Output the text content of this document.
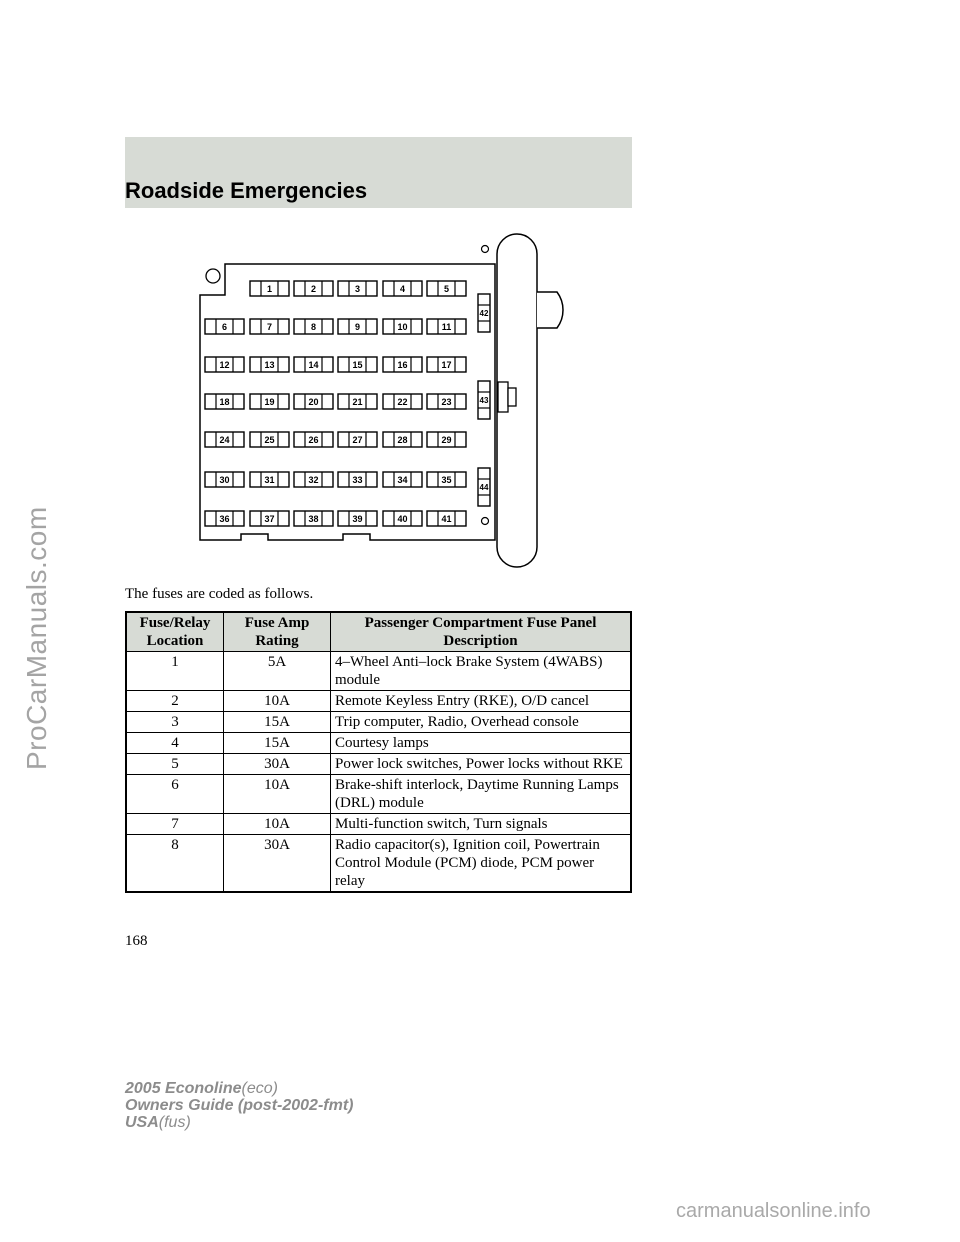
Roadside Emergencies
ProCarManuals.com
1	2	3	4	5
6	7	8	9	10	11
12	13	14	15	16	17
18	19	20	21	22	23
24	25	26	27	28	29
30	31	32	33	34	35
36	37	38	39	40	41
42
43
44
The fuses are coded as follows.
Fuse/Relay Location	Fuse Amp Rating	Passenger Compartment Fuse Panel Description
1	5A	4–Wheel Anti–lock Brake System (4WABS) module
2	10A	Remote Keyless Entry (RKE), O/D cancel
3	15A	Trip computer, Radio, Overhead console
4	15A	Courtesy lamps
5	30A	Power lock switches, Power locks without RKE
6	10A	Brake-shift interlock, Daytime Running Lamps (DRL) module
7	10A	Multi-function switch, Turn signals
8	30A	Radio capacitor(s), Ignition coil, Powertrain Control Module (PCM) diode, PCM power relay
168
2005 Econoline(eco)
Owners Guide (post-2002-fmt)
USA(fus)
carmanualsonline.info
